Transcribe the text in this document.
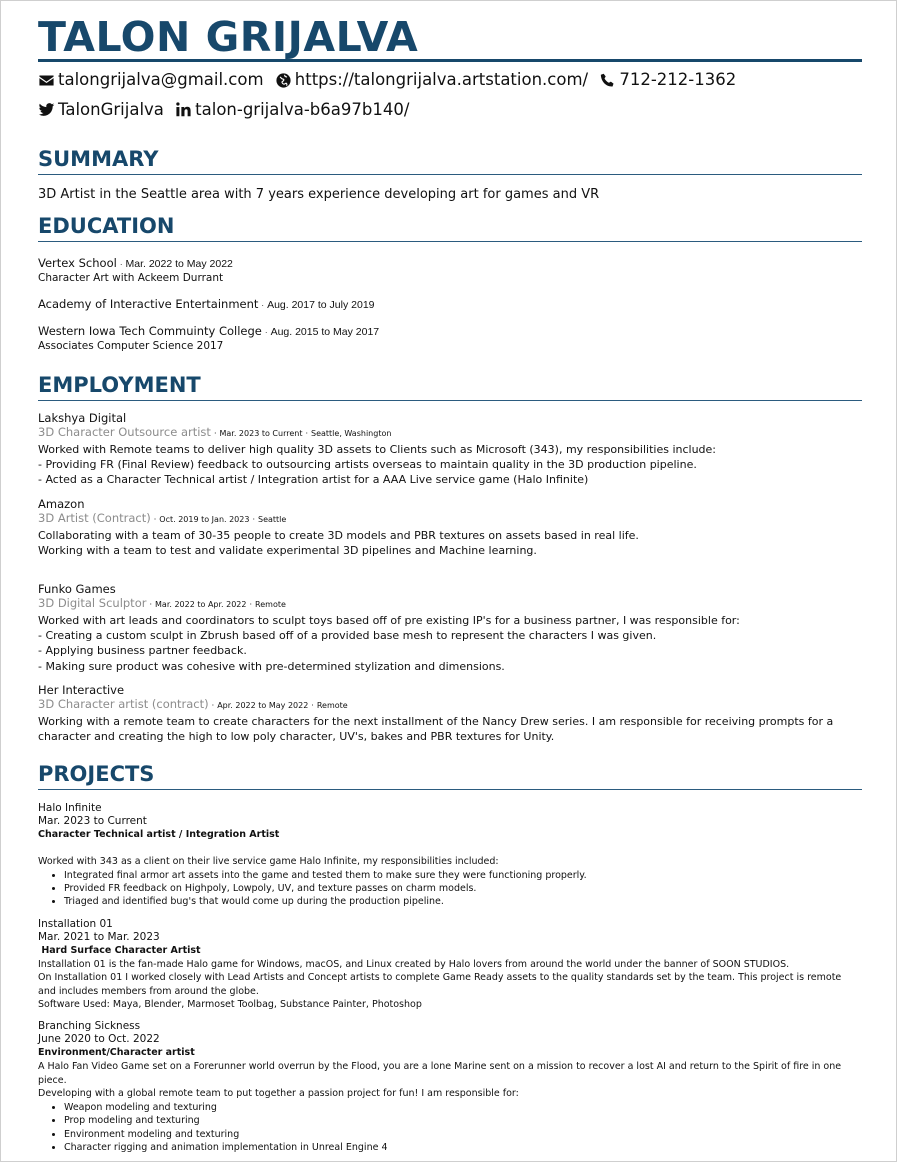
TALON GRIJALVA
talongrijalva@gmail.com
https://talongrijalva.artstation.com/
712-212-1362
TalonGrijalva
talon-grijalva-b6a97b140/
SUMMARY
3D Artist in the Seattle area with 7 years experience developing art for games and VR
EDUCATION
Vertex School · Mar. 2022 to May 2022
Character Art with Ackeem Durrant
Academy of Interactive Entertainment · Aug. 2017 to July 2019
Western Iowa Tech Commuinty College · Aug. 2015 to May 2017
Associates Computer Science 2017
EMPLOYMENT
Lakshya Digital
3D Character Outsource artist · Mar. 2023 to Current · Seattle, Washington
Worked with Remote teams to deliver high quality 3D assets to Clients such as Microsoft (343), my responsibilities include:
- Providing FR (Final Review) feedback to outsourcing artists overseas to maintain quality in the 3D production pipeline.
- Acted as a Character Technical artist / Integration artist for a AAA Live service game (Halo Infinite)
Amazon
3D Artist (Contract) · Oct. 2019 to Jan. 2023 · Seattle
Collaborating with a team of 30-35 people to create 3D models and PBR textures on assets based in real life.
Working with a team to test and validate experimental 3D pipelines and Machine learning.
Funko Games
3D Digital Sculptor · Mar. 2022 to Apr. 2022 · Remote
Worked with art leads and coordinators to sculpt toys based off of pre existing IP's for a business partner, I was responsible for:
- Creating a custom sculpt in Zbrush based off of a provided base mesh to represent the characters I was given.
- Applying business partner feedback.
- Making sure product was cohesive with pre-determined stylization and dimensions.
Her Interactive
3D Character artist (contract) · Apr. 2022 to May 2022 · Remote
Working with a remote team to create characters for the next installment of the Nancy Drew series. I am responsible for receiving prompts for a character and creating the high to low poly character, UV's, bakes and PBR textures for Unity.
PROJECTS
Halo Infinite
Mar. 2023 to Current
Character Technical artist / Integration Artist
Worked with 343 as a client on their live service game Halo Infinite, my responsibilities included:
• Integrated final armor art assets into the game and tested them to make sure they were functioning properly.
• Provided FR feedback on Highpoly, Lowpoly, UV, and texture passes on charm models.
• Triaged and identified bug's that would come up during the production pipeline.
Installation 01
Mar. 2021 to Mar. 2023
Hard Surface Character Artist
Installation 01 is the fan-made Halo game for Windows, macOS, and Linux created by Halo lovers from around the world under the banner of SOON STUDIOS.
On Installation 01 I worked closely with Lead Artists and Concept artists to complete Game Ready assets to the quality standards set by the team. This project is remote and includes members from around the globe.
Software Used: Maya, Blender, Marmoset Toolbag, Substance Painter, Photoshop
Branching Sickness
June 2020 to Oct. 2022
Environment/Character artist
A Halo Fan Video Game set on a Forerunner world overrun by the Flood, you are a lone Marine sent on a mission to recover a lost AI and return to the Spirit of fire in one piece.
Developing with a global remote team to put together a passion project for fun! I am responsible for:
• Weapon modeling and texturing
• Prop modeling and texturing
• Environment modeling and texturing
• Character rigging and animation implementation in Unreal Engine 4
